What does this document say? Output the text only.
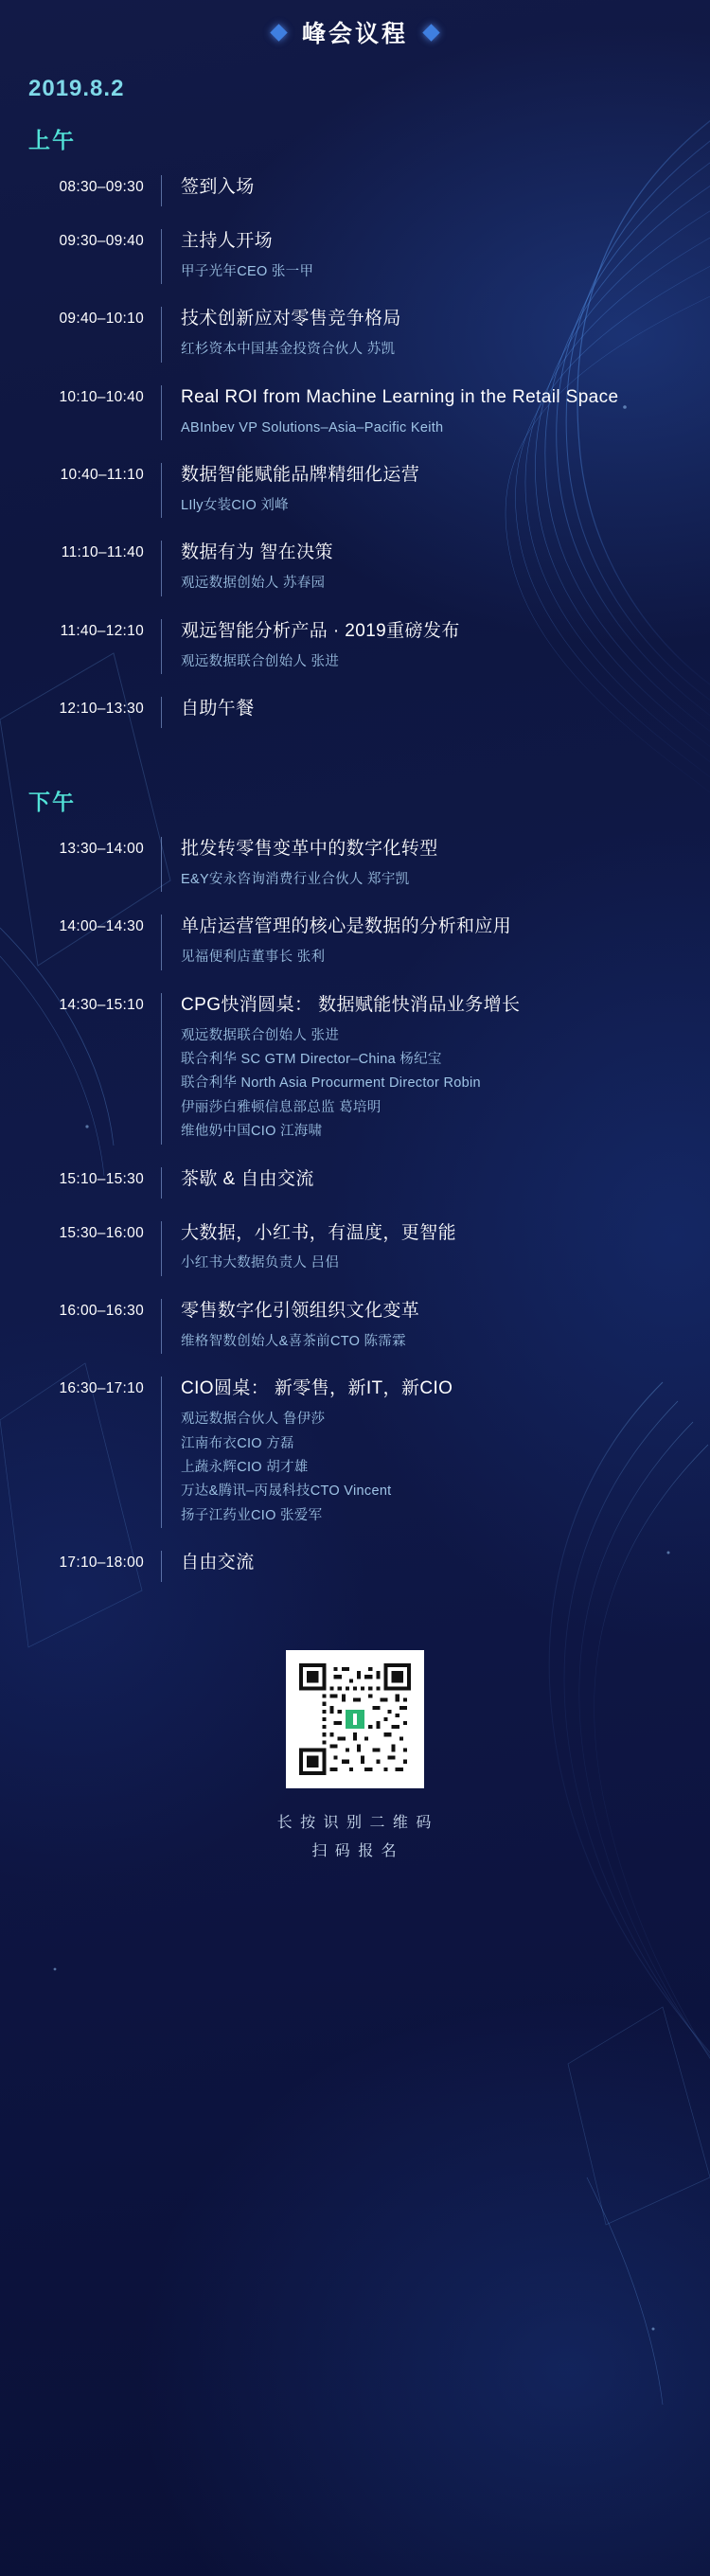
峰会议程
2019.8.2
上午
08:30–09:30	签到入场
09:30–09:40	主持人开场
甲子光年CEO 张一甲
09:40–10:10	技术创新应对零售竞争格局
红杉资本中国基金投资合伙人 苏凯
10:10–10:40	Real ROI from Machine Learning in the Retail Space
ABInbev VP Solutions–Asia–Pacific Keith
10:40–11:10	数据智能赋能品牌精细化运营
LIly女装CIO 刘峰
11:10–11:40	数据有为 智在决策
观远数据创始人 苏春园
11:40–12:10	观远智能分析产品 · 2019重磅发布
观远数据联合创始人 张进
12:10–13:30	自助午餐
下午
13:30–14:00	批发转零售变革中的数字化转型
E&Y安永咨询消费行业合伙人 郑宇凯
14:00–14:30	单店运营管理的核心是数据的分析和应用
见福便利店董事长 张利
14:30–15:10	CPG快消圆桌： 数据赋能快消品业务增长
观远数据联合创始人 张进
联合利华 SC GTM Director–China 杨纪宝
联合利华 North Asia Procurment Director Robin
伊丽莎白雅顿信息部总监 葛培明
维他奶中国CIO 江海啸
15:10–15:30	茶歇 & 自由交流
15:30–16:00	大数据，小红书，有温度，更智能
小红书大数据负责人 吕侣
16:00–16:30	零售数字化引领组织文化变革
维格智数创始人&喜茶前CTO 陈霈霖
16:30–17:10	CIO圆桌： 新零售，新IT，新CIO
观远数据合伙人 鲁伊莎
江南布衣CIO 方磊
上蔬永辉CIO 胡才雄
万达&腾讯–丙晟科技CTO Vincent
扬子江药业CIO 张爱军
17:10–18:00	自由交流
长 按 识 别 二 维 码
扫 码 报 名
